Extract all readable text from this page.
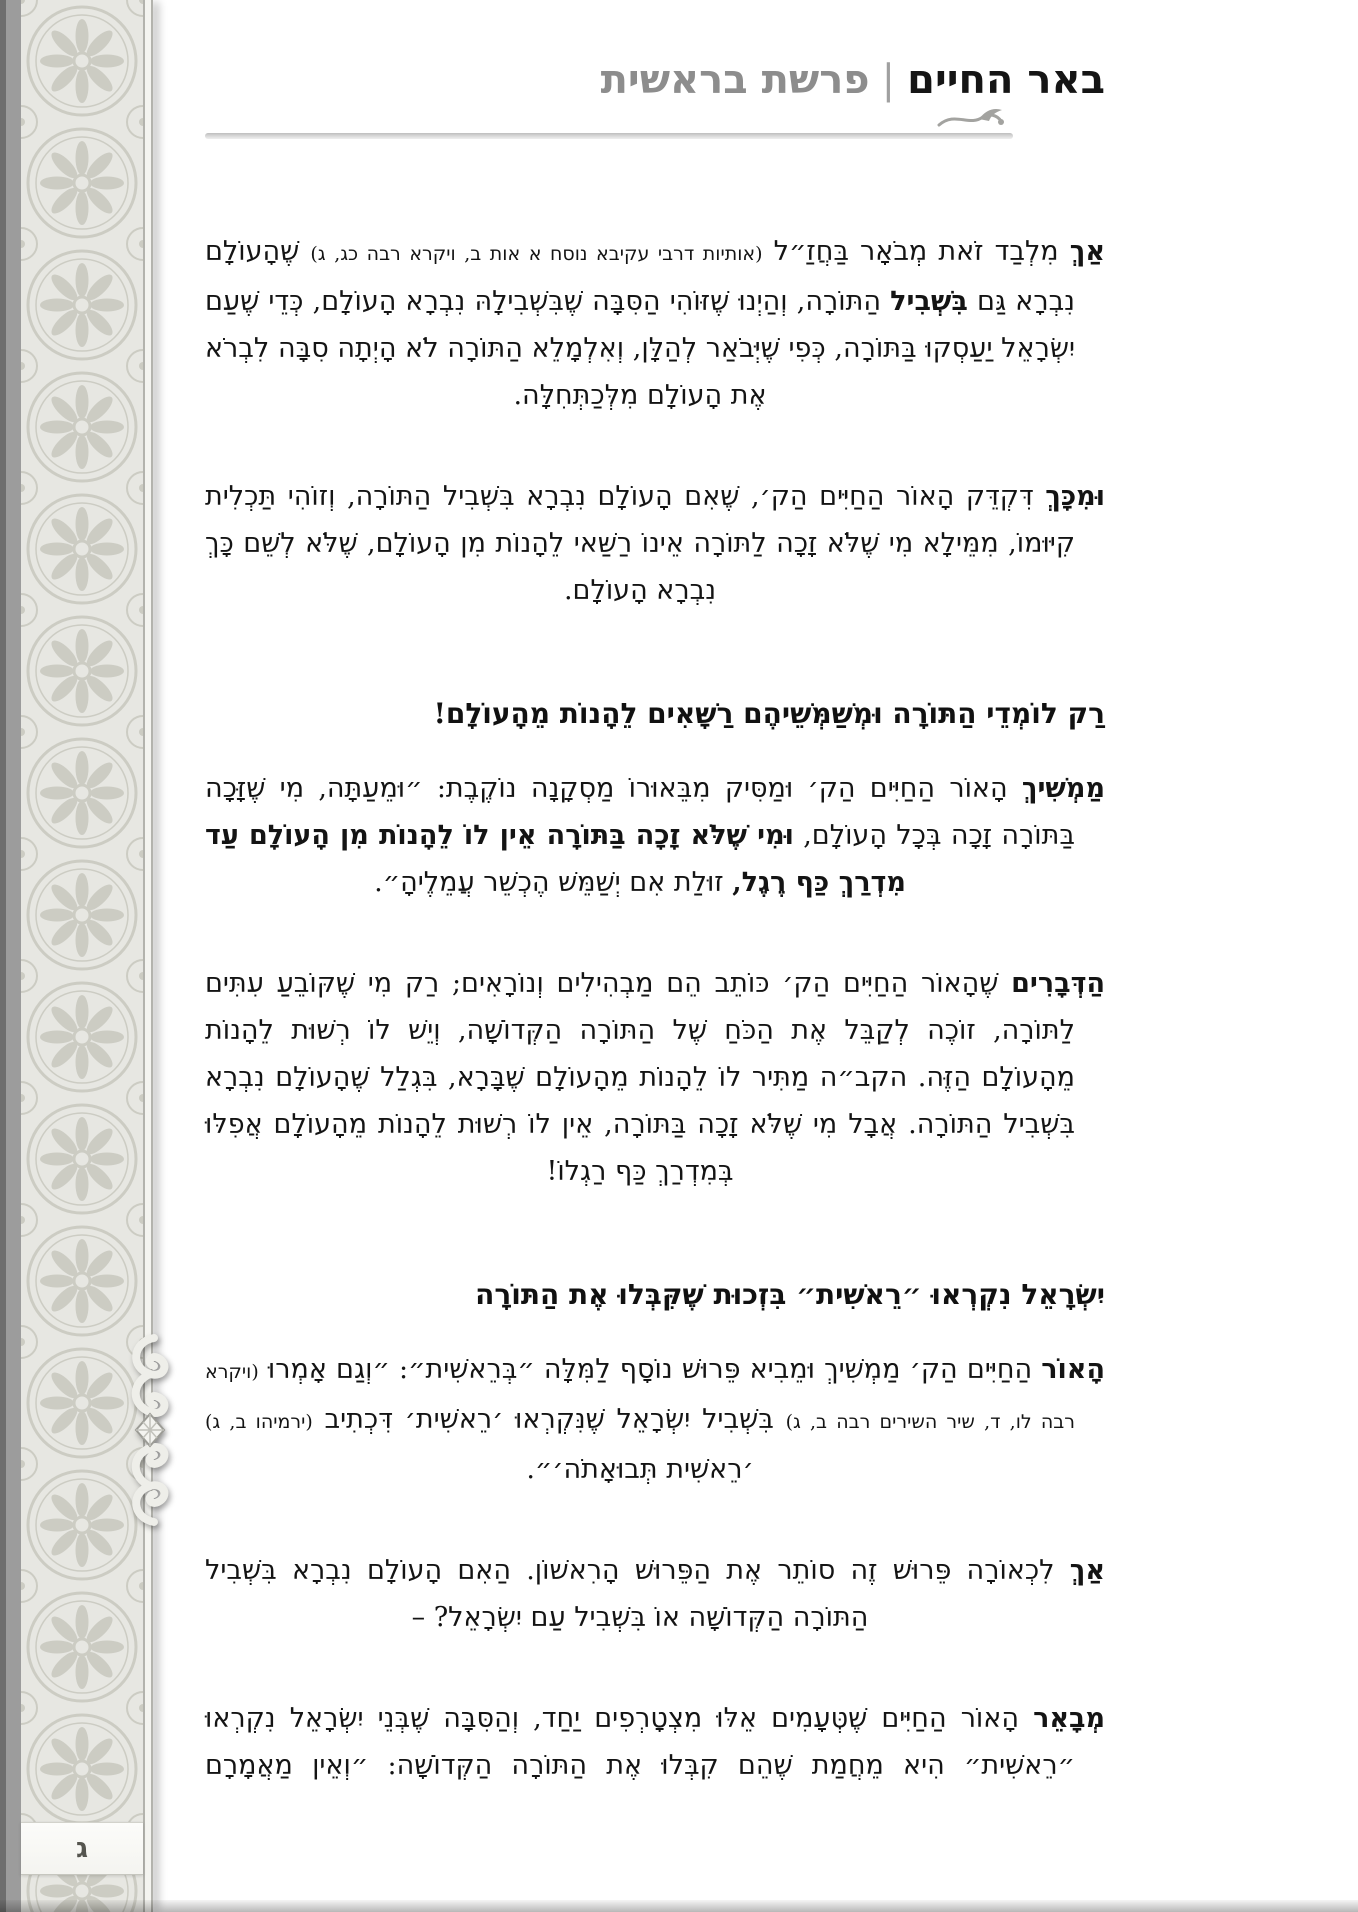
ג
באר החיים|פרשת בראשית

אַךְ מִלְבַד זֹאת מְבֹאָר בַּחֲזַ״ל (אותיות דרבי עקיבא נוסח א אות ב, ויקרא רבה כג, ג) שֶׁהָעוֹלָם נִבְרָא גַּם בִּשְׁבִיל הַתּוֹרָה, וְהַיְנוּ שֶׁזּוֹהִי הַסִּבָּה שֶׁבִּשְׁבִילָהּ נִבְרָא הָעוֹלָם, כְּדֵי שֶׁעַם יִשְׂרָאֵל יַעַסְקוּ בַּתּוֹרָה, כְּפִי שֶׁיְּבֹאַר לְהַלָּן, וְאִלְמָלֵא הַתּוֹרָה לֹא הָיְתָה סִבָּה לִבְרֹא אֶת הָעוֹלָם מִלְּכַתְּחִלָּה.

וּמִכָּךְ דִּקְדֵּק הָאוֹר הַחַיִּים הַק׳, שֶׁאִם הָעוֹלָם נִבְרָא בִּשְׁבִיל הַתּוֹרָה, וְזוֹהִי תַּכְלִית קִיּוּמוֹ, מִמֵּילָא מִי שֶׁלֹּא זָכָה לַתּוֹרָה אֵינוֹ רַשַּׁאי לֵהָנוֹת מִן הָעוֹלָם, שֶׁלֹּא לְשֵׁם כָּךְ נִבְרָא הָעוֹלָם.

רַק לוֹמְדֵי הַתּוֹרָה וּמְשַׁמְּשֵׁיהֶם רַשָּׁאִים לֵהָנוֹת מֵהָעוֹלָם!

מַמְשִׁיךְ הָאוֹר הַחַיִּים הַק׳ וּמַסִּיק מִבֵּאוּרוֹ מַסְקָנָה נוֹקֶבֶת: ״וּמֵעַתָּה, מִי שֶׁזָּכָה בַּתּוֹרָה זָכָה בְּכָל הָעוֹלָם, וּמִי שֶׁלֹּא זָכָה בַּתּוֹרָה אֵין לוֹ לֵהָנוֹת מִן הָעוֹלָם עַד מִדְרַךְ כַּף רֶגֶל, זוּלַת אִם יְשַׁמֵּשׁ הֶכְשֵׁר עֲמֵלֶיהָ״.

הַדְּבָרִים שֶׁהָאוֹר הַחַיִּים הַק׳ כּוֹתֵב הֵם מַבְהִילִים וְנוֹרָאִים; רַק מִי שֶׁקּוֹבֵעַ עִתִּים לַתּוֹרָה, זוֹכֶה לְקַבֵּל אֶת הַכֹּחַ שֶׁל הַתּוֹרָה הַקְּדוֹשָׁה, וְיֵשׁ לוֹ רְשׁוּת לֵהָנוֹת מֵהָעוֹלָם הַזֶּה. הקב״ה מַתִּיר לוֹ לֵהָנוֹת מֵהָעוֹלָם שֶׁבָּרָא, בִּגְלַל שֶׁהָעוֹלָם נִבְרָא בִּשְׁבִיל הַתּוֹרָה. אֲבָל מִי שֶׁלֹּא זָכָה בַּתּוֹרָה, אֵין לוֹ רְשׁוּת לֵהָנוֹת מֵהָעוֹלָם אֲפִלּוּ בְּמִדְרַךְ כַּף רַגְלוֹ!

יִשְׂרָאֵל נִקְרְאוּ ״רֵאשִׁית״ בִּזְכוּת שֶׁקִּבְּלוּ אֶת הַתּוֹרָה

הָאוֹר הַחַיִּים הַק׳ מַמְשִׁיךְ וּמֵבִיא פֵּרוּשׁ נוֹסָף לַמִּלָּה ״בְּרֵאשִׁית״: ״וְגַם אָמְרוּ (ויקרא רבה לו, ד, שיר השירים רבה ב, ג) בִּשְׁבִיל יִשְׂרָאֵל שֶׁנִּקְרְאוּ ׳רֵאשִׁית׳ דִּכְתִיב (ירמיהו ב, ג) ׳רֵאשִׁית תְּבוּאָתֹה׳״.

אַךְ לִכְאוֹרָה פֵּרוּשׁ זֶה סוֹתֵר אֶת הַפֵּרוּשׁ הָרִאשׁוֹן. הַאִם הָעוֹלָם נִבְרָא בִּשְׁבִיל הַתּוֹרָה הַקְּדוֹשָׁה אוֹ בִּשְׁבִיל עַם יִשְׂרָאֵל? –

מְבָאֵר הָאוֹר הַחַיִּים שֶׁטְּעָמִים אֵלּוּ מִצְטָרְפִים יַחַד, וְהַסִּבָּה שֶׁבְּנֵי יִשְׂרָאֵל נִקְרְאוּ ״רֵאשִׁית״ הִיא מֵחֲמַת שֶׁהֵם קִבְּלוּ אֶת הַתּוֹרָה הַקְּדוֹשָׁה: ״וְאֵין מַאֲמָרָם
